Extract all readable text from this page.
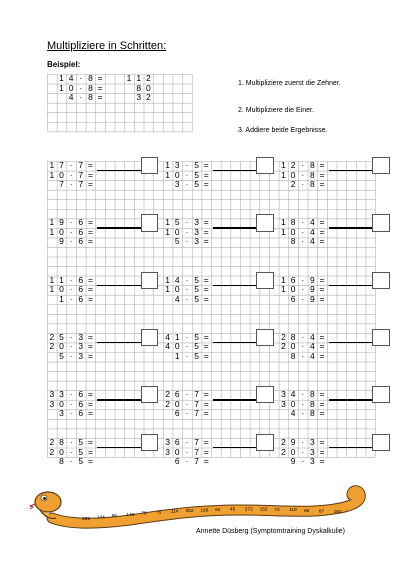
Multipliziere in Schritten:
Beispiel:
1 4 · 8 =	1 1 2
1 0 · 8 =	8 0
4 · 8 =	3 2
1. Multipliziere zuerst die Zehner.
2. Multipliziere die Einer.
3. Addiere beide Ergebnisse.
1 7 · 7 =
1 0 · 7 =
7 · 7 =
1 3 · 5 =
1 0 · 5 =
3 · 5 =
1 2 · 8 =
1 0 · 8 =
2 · 8 =
1 9 · 6 =
1 0 · 6 =
9 · 6 =
1 5 · 3 =
1 0 · 3 =
5 · 3 =
1 8 · 4 =
1 0 · 4 =
8 · 4 =
1 1 · 6 =
1 0 · 6 =
1 · 6 =
1 4 · 5 =
1 0 · 5 =
4 · 5 =
1 6 · 9 =
1 0 · 9 =
6 · 9 =
2 5 · 3 =
2 0 · 3 =
5 · 3 =
4 1 · 5 =
4 0 · 5 =
1 · 5 =
2 8 · 4 =
2 0 · 4 =
8 · 4 =
3 3 · 6 =
3 0 · 6 =
3 · 6 =
2 6 · 7 =
2 0 · 7 =
6 · 7 =
3 4 · 8 =
3 0 · 8 =
4 · 8 =
2 8 · 5 =
2 0 · 5 =
8 · 5 =
3 6 · 7 =
3 0 · 7 =
6 · 7 =
2 9 · 3 =
2 0 · 3 =
9 · 3 =
Annette Düsberg (Symptomtraining Dyskalkulie)
205 144 96 140 70 75 114 252 198 64 45 272 152 72 119 65 87 182
